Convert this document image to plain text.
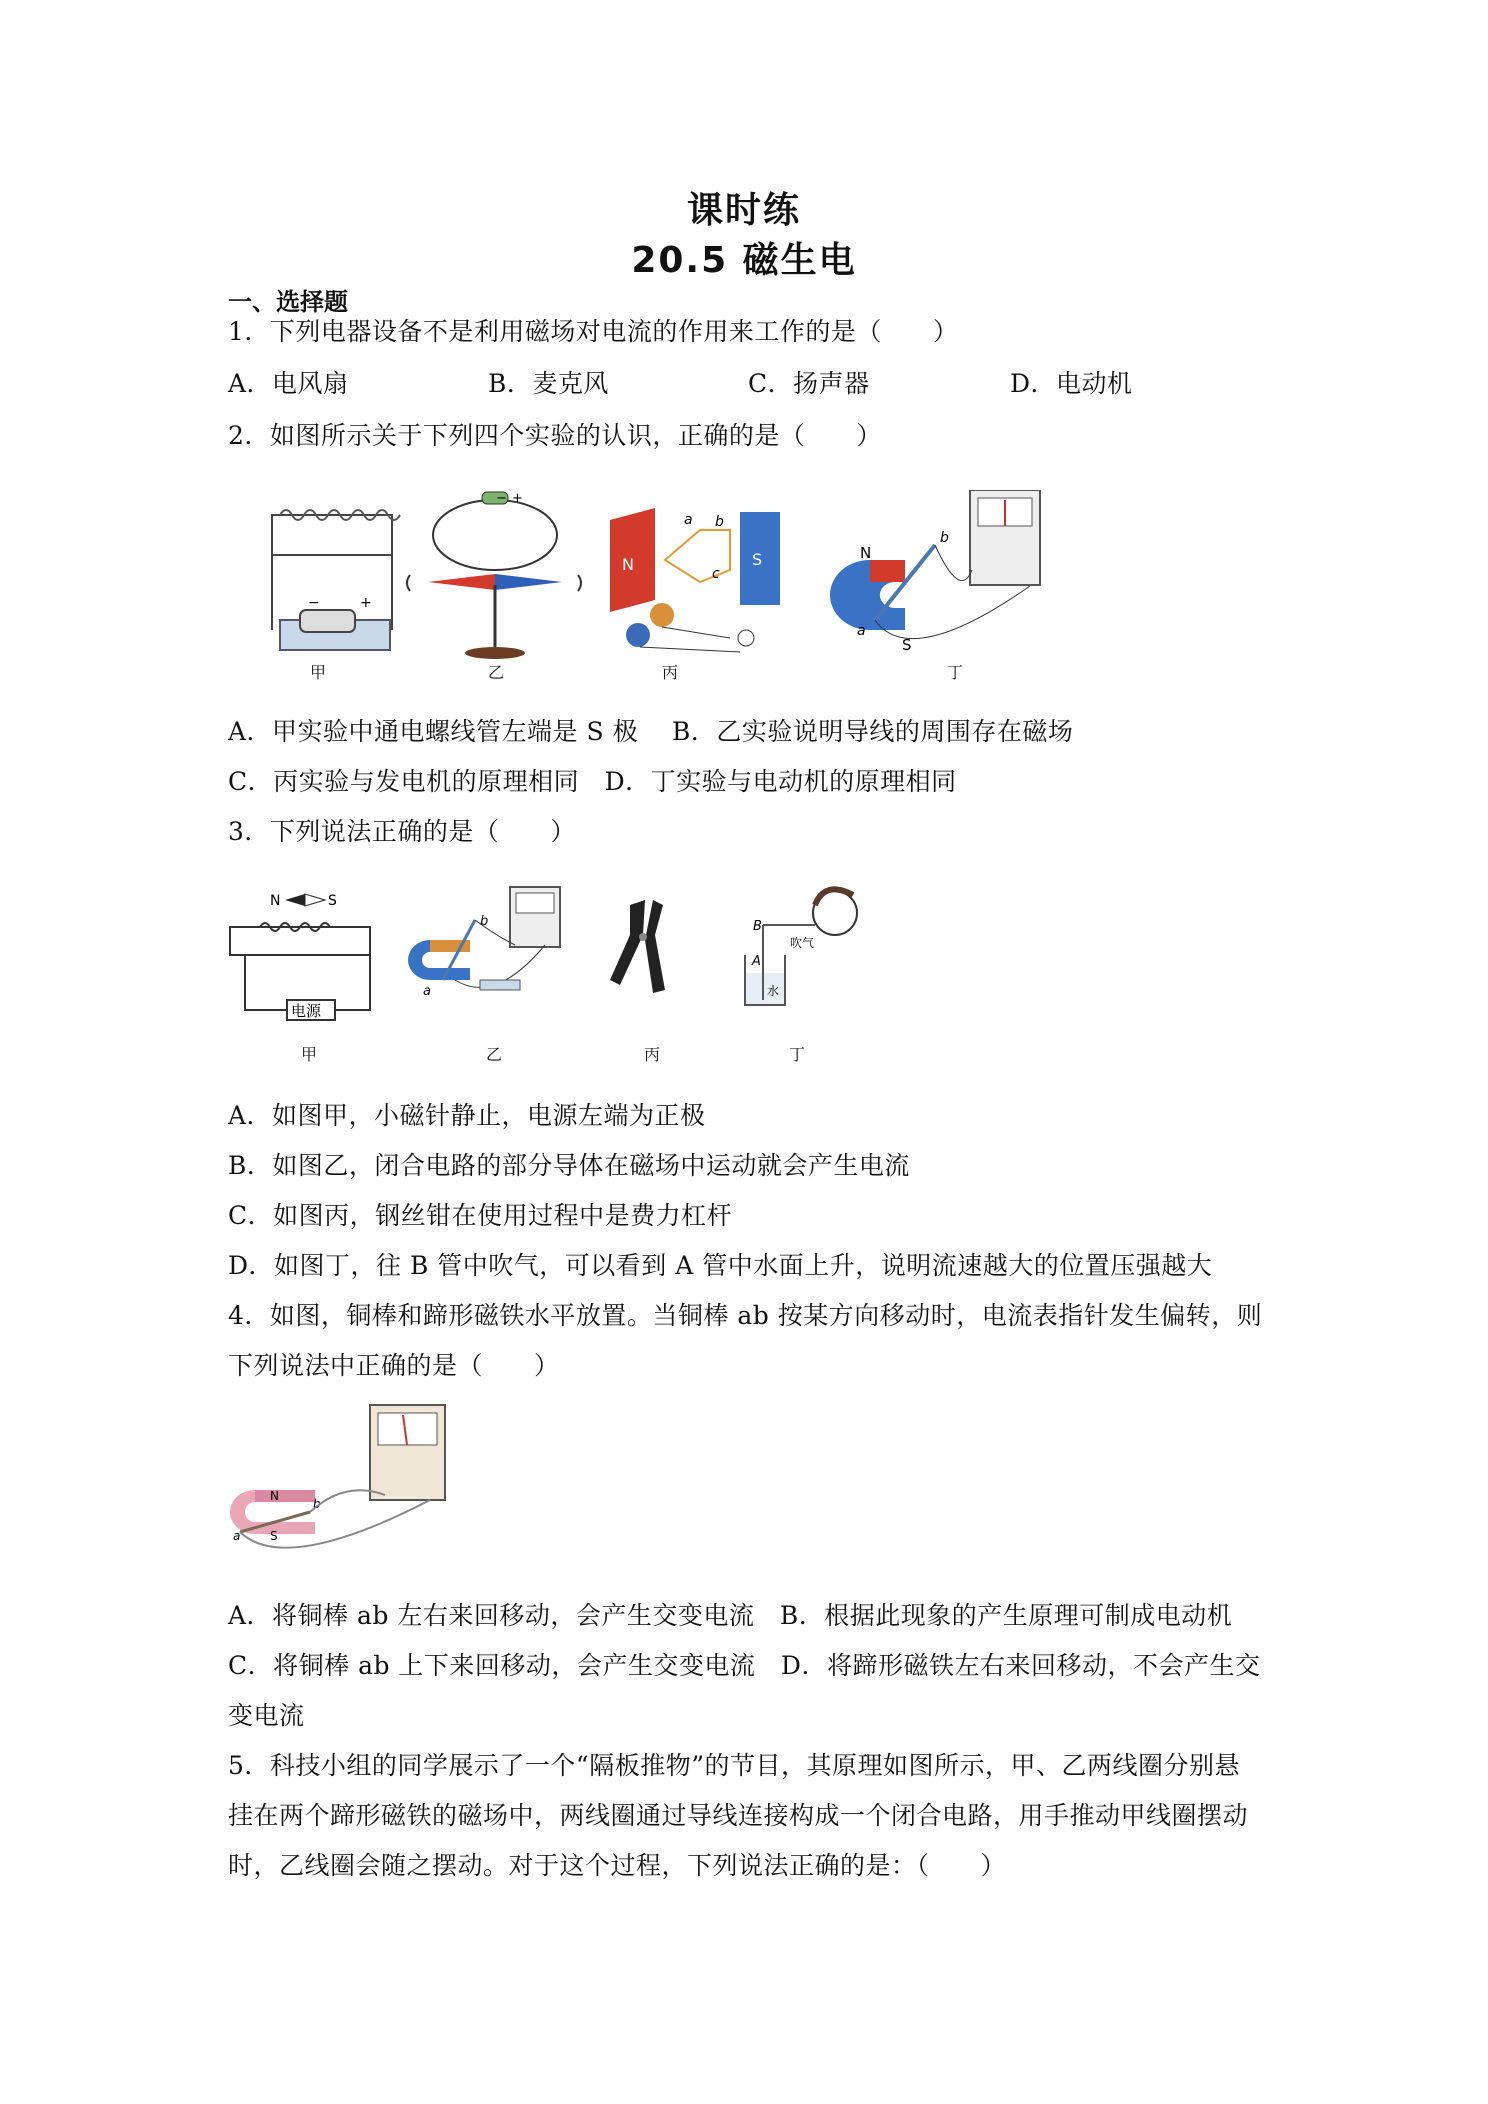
课时练
20.5 磁生电
一、选择题
1．下列电器设备不是利用磁场对电流的作用来工作的是（　　）
A．电风扇	B．麦克风	C．扬声器	D．电动机
2．如图所示关于下列四个实验的认识，正确的是（　　）
−	+
− +
N	S
a b
c
N
S
a
b
甲	乙	丙	丁
A．甲实验中通电螺线管左端是 S 极　 B．乙实验说明导线的周围存在磁场
C．丙实验与发电机的原理相同　D．丁实验与电动机的原理相同
3．下列说法正确的是（　　）
N	S
电源
a
b	B
A
吹气
水
甲	乙	丙	丁
A．如图甲，小磁针静止，电源左端为正极
B．如图乙，闭合电路的部分导体在磁场中运动就会产生电流
C．如图丙，钢丝钳在使用过程中是费力杠杆
D．如图丁，往 B 管中吹气，可以看到 A 管中水面上升，说明流速越大的位置压强越大
4．如图，铜棒和蹄形磁铁水平放置。当铜棒 ab 按某方向移动时，电流表指针发生偏转，则
下列说法中正确的是（　　）
N
S
a
b
A．将铜棒 ab 左右来回移动，会产生交变电流　B．根据此现象的产生原理可制成电动机
C．将铜棒 ab 上下来回移动，会产生交变电流　D．将蹄形磁铁左右来回移动，不会产生交
变电流
5．科技小组的同学展示了一个“隔板推物”的节目，其原理如图所示，甲、乙两线圈分别悬
挂在两个蹄形磁铁的磁场中，两线圈通过导线连接构成一个闭合电路，用手推动甲线圈摆动
时，乙线圈会随之摆动。对于这个过程，下列说法正确的是：（　　）
